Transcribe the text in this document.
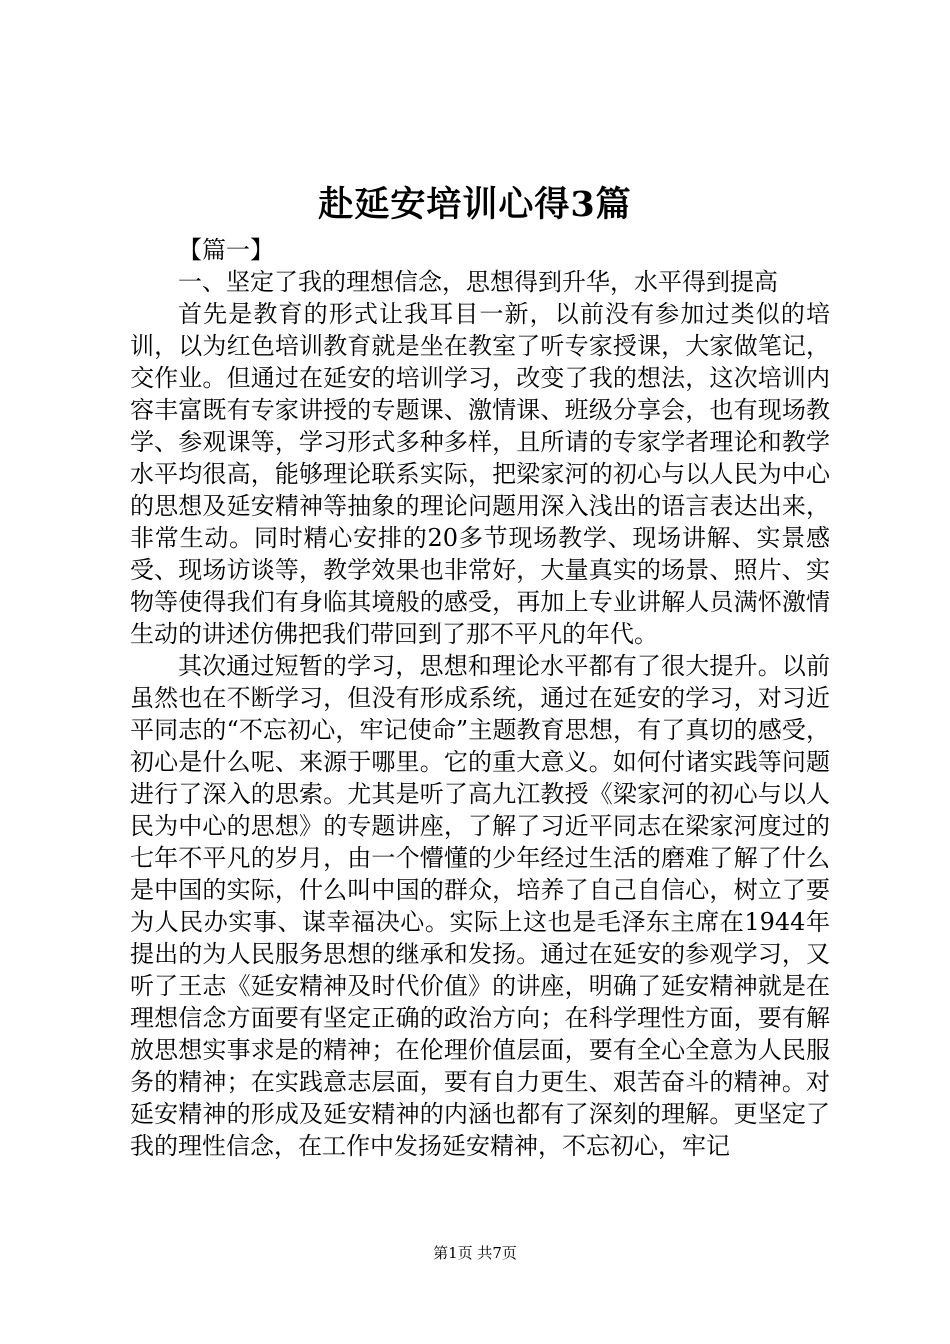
赴延安培训心得3篇

【篇一】

一、坚定了我的理想信念，思想得到升华，水平得到提高

首先是教育的形式让我耳目一新，以前没有参加过类似的培训，以为红色培训教育就是坐在教室了听专家授课，大家做笔记，交作业。但通过在延安的培训学习，改变了我的想法，这次培训内容丰富既有专家讲授的专题课、激情课、班级分享会，也有现场教学、参观课等，学习形式多种多样，且所请的专家学者理论和教学水平均很高，能够理论联系实际，把梁家河的初心与以人民为中心的思想及延安精神等抽象的理论问题用深入浅出的语言表达出来，非常生动。同时精心安排的20多节现场教学、现场讲解、实景感受、现场访谈等，教学效果也非常好，大量真实的场景、照片、实物等使得我们有身临其境般的感受，再加上专业讲解人员满怀激情生动的讲述仿佛把我们带回到了那不平凡的年代。

其次通过短暂的学习，思想和理论水平都有了很大提升。以前虽然也在不断学习，但没有形成系统，通过在延安的学习，对习近平同志的“不忘初心，牢记使命”主题教育思想，有了真切的感受，初心是什么呢、来源于哪里。它的重大意义。如何付诸实践等问题进行了深入的思索。尤其是听了高九江教授《梁家河的初心与以人民为中心的思想》的专题讲座，了解了习近平同志在梁家河度过的七年不平凡的岁月，由一个懵懂的少年经过生活的磨难了解了什么是中国的实际，什么叫中国的群众，培养了自己自信心，树立了要为人民办实事、谋幸福决心。实际上这也是毛泽东主席在1944年提出的为人民服务思想的继承和发扬。通过在延安的参观学习，又听了王志《延安精神及时代价值》的讲座，明确了延安精神就是在理想信念方面要有坚定正确的政治方向；在科学理性方面，要有解放思想实事求是的精神；在伦理价值层面，要有全心全意为人民服务的精神；在实践意志层面，要有自力更生、艰苦奋斗的精神。对延安精神的形成及延安精神的内涵也都有了深刻的理解。更坚定了我的理性信念，在工作中发扬延安精神，不忘初心，牢记

第1页 共7页
